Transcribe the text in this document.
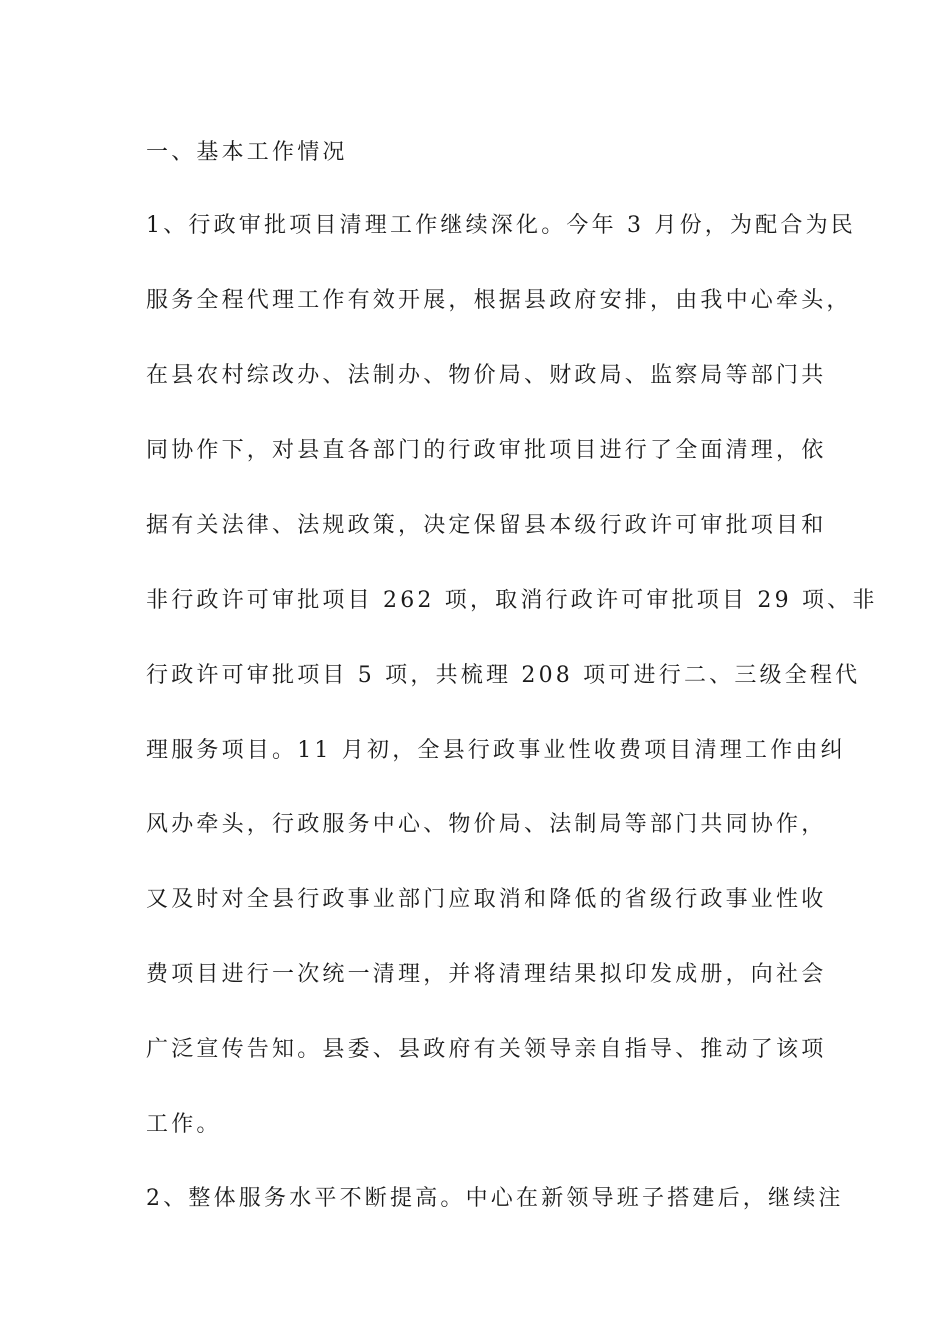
一、基本工作情况
1、行政审批项目清理工作继续深化。今年 3 月份，为配合为民
服务全程代理工作有效开展，根据县政府安排，由我中心牵头，
在县农村综改办、法制办、物价局、财政局、监察局等部门共
同协作下，对县直各部门的行政审批项目进行了全面清理，依
据有关法律、法规政策，决定保留县本级行政许可审批项目和
非行政许可审批项目 262 项，取消行政许可审批项目 29 项、非
行政许可审批项目 5 项，共梳理 208 项可进行二、三级全程代
理服务项目。11 月初，全县行政事业性收费项目清理工作由纠
风办牵头，行政服务中心、物价局、法制局等部门共同协作，
又及时对全县行政事业部门应取消和降低的省级行政事业性收
费项目进行一次统一清理，并将清理结果拟印发成册，向社会
广泛宣传告知。县委、县政府有关领导亲自指导、推动了该项
工作。
2、整体服务水平不断提高。中心在新领导班子搭建后，继续注
